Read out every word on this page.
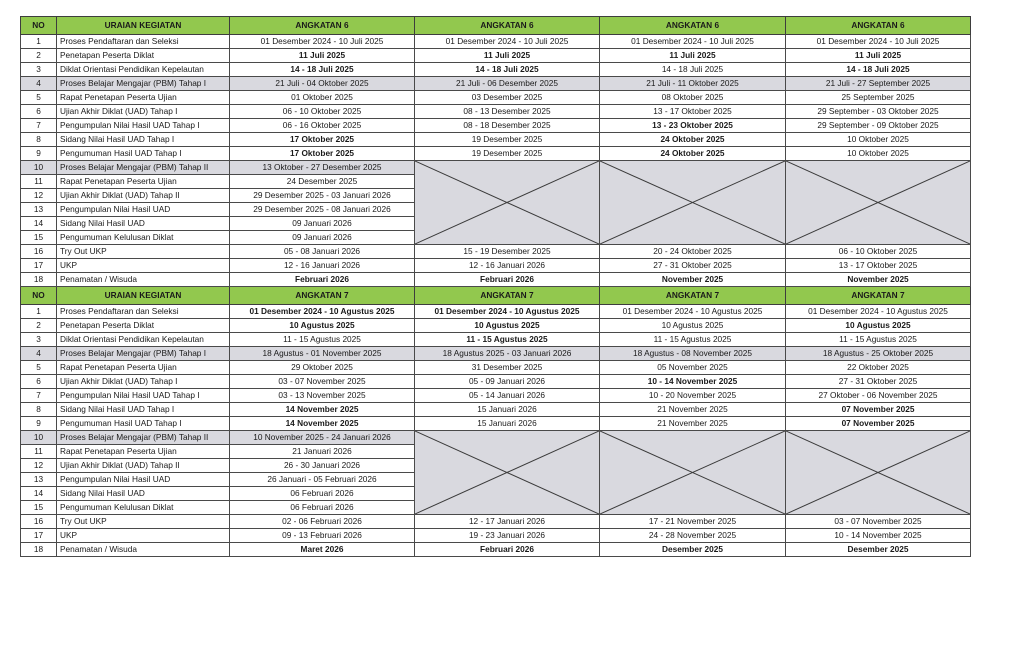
NO	URAIAN KEGIATAN	ANGKATAN 6	ANGKATAN 6	ANGKATAN 6	ANGKATAN 6
1	Proses Pendaftaran dan Seleksi	01 Desember 2024 - 10 Juli 2025	01 Desember 2024 - 10 Juli 2025	01 Desember 2024 - 10 Juli 2025	01 Desember 2024 - 10 Juli 2025
2	Penetapan Peserta Diklat	11 Juli 2025	11 Juli 2025	11 Juli 2025	11 Juli 2025
3	Diklat Orientasi Pendidikan Kepelautan	14 - 18 Juli 2025	14 - 18 Juli 2025	14 - 18 Juli 2025	14 - 18 Juli 2025
4	Proses Belajar Mengajar (PBM) Tahap I	21 Juli - 04 Oktober 2025	21 Juli - 06 Desember 2025	21 Juli - 11 Oktober 2025	21 Juli - 27 September 2025
5	Rapat Penetapan Peserta Ujian	01 Oktober 2025	03 Desember 2025	08 Oktober 2025	25 September 2025
6	Ujian Akhir Diklat (UAD) Tahap I	06 - 10 Oktober 2025	08 - 13 Desember 2025	13 - 17 Oktober 2025	29 September - 03 Oktober 2025
7	Pengumpulan Nilai Hasil UAD Tahap I	06 - 16 Oktober 2025	08 - 18 Desember 2025	13 - 23 Oktober 2025	29 September - 09 Oktober 2025
8	Sidang Nilai Hasil UAD Tahap I	17 Oktober 2025	19 Desember 2025	24 Oktober 2025	10 Oktober 2025
9	Pengumuman Hasil UAD Tahap I	17 Oktober 2025	19 Desember 2025	24 Oktober 2025	10 Oktober 2025
10	Proses Belajar Mengajar (PBM) Tahap II	13 Oktober - 27 Desember 2025	

11	Rapat Penetapan Peserta Ujian	24 Desember 2025			
12	Ujian Akhir Diklat (UAD) Tahap II	29 Desember 2025 - 03 Januari 2026			
13	Pengumpulan Nilai Hasil UAD	29 Desember 2025 - 08 Januari 2026			
14	Sidang Nilai Hasil UAD	09 Januari 2026			
15	Pengumuman Kelulusan Diklat	09 Januari 2026			
16	Try Out UKP	05 - 08 Januari 2026	15 - 19 Desember 2025	20 - 24 Oktober 2025	06 - 10 Oktober 2025
17	UKP	12 - 16 Januari 2026	12 - 16 Januari 2026	27 - 31 Oktober 2025	13 - 17 Oktober 2025
18	Penamatan / Wisuda	Februari 2026	Februari 2026	November 2025	November 2025
NO	URAIAN KEGIATAN	ANGKATAN 7	ANGKATAN 7	ANGKATAN 7	ANGKATAN 7
1	Proses Pendaftaran dan Seleksi	01 Desember 2024 - 10 Agustus 2025	01 Desember 2024 - 10 Agustus 2025	01 Desember 2024 - 10 Agustus 2025	01 Desember 2024 - 10 Agustus 2025
2	Penetapan Peserta Diklat	10 Agustus 2025	10 Agustus 2025	10 Agustus 2025	10 Agustus 2025
3	Diklat Orientasi Pendidikan Kepelautan	11 - 15 Agustus 2025	11 - 15 Agustus 2025	11 - 15 Agustus 2025	11 - 15 Agustus 2025
4	Proses Belajar Mengajar (PBM) Tahap I	18 Agustus - 01 November 2025	18 Agustus 2025 - 03 Januari 2026	18 Agustus - 08 November 2025	18 Agustus - 25 Oktober 2025
5	Rapat Penetapan Peserta Ujian	29 Oktober 2025	31 Desember 2025	05 November 2025	22 Oktober 2025
6	Ujian Akhir Diklat (UAD) Tahap I	03 - 07 November 2025	05 - 09 Januari 2026	10 - 14 November 2025	27 - 31 Oktober 2025
7	Pengumpulan Nilai Hasil UAD Tahap I	03 - 13 November 2025	05 - 14 Januari 2026	10 - 20 November 2025	27 Oktober - 06 November 2025
8	Sidang Nilai Hasil UAD Tahap I	14 November 2025	15 Januari 2026	21 November 2025	07 November 2025
9	Pengumuman Hasil UAD Tahap I	14 November 2025	15 Januari 2026	21 November 2025	07 November 2025
10	Proses Belajar Mengajar (PBM) Tahap II	10 November 2025 - 24 Januari 2026	

11	Rapat Penetapan Peserta Ujian	21 Januari 2026			
12	Ujian Akhir Diklat (UAD) Tahap II	26 - 30 Januari 2026			
13	Pengumpulan Nilai Hasil UAD	26 Januari - 05 Februari 2026			
14	Sidang Nilai Hasil UAD	06 Februari 2026			
15	Pengumuman Kelulusan Diklat	06 Februari 2026			
16	Try Out UKP	02 - 06 Februari 2026	12 - 17 Januari 2026	17 - 21 November 2025	03 - 07 November 2025
17	UKP	09 - 13 Februari 2026	19 - 23 Januari 2026	24 - 28 November 2025	10 - 14 November 2025
18	Penamatan / Wisuda	Maret 2026	Februari 2026	Desember 2025	Desember 2025
